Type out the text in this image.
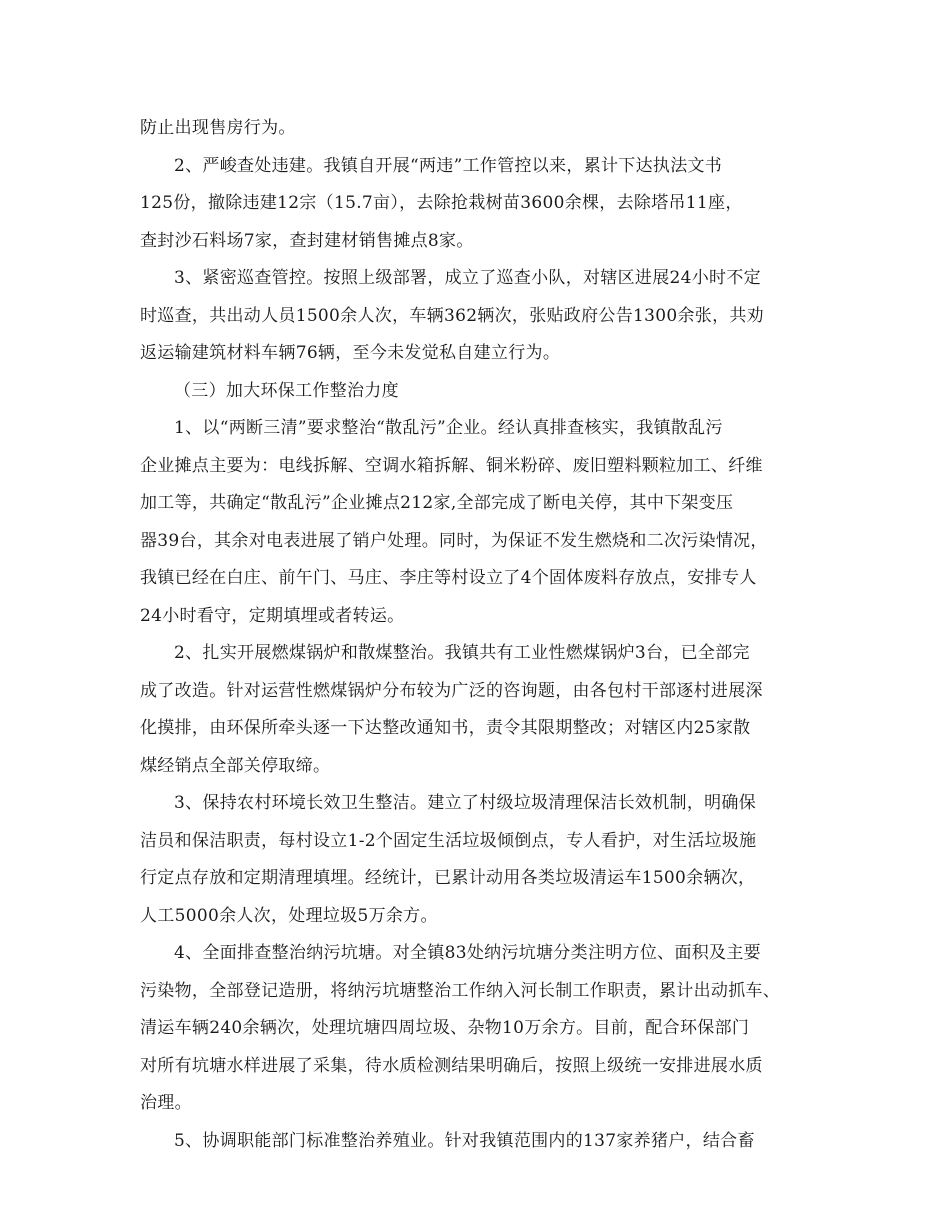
防止出现售房行为。
2、严峻查处违建。我镇自开展“两违”工作管控以来，累计下达执法文书
125份，撤除违建12宗（15.7亩），去除抢栽树苗3600余棵，去除塔吊11座，
查封沙石料场7家，查封建材销售摊点8家。
3、紧密巡查管控。按照上级部署，成立了巡查小队，对辖区进展24小时不定
时巡查，共出动人员1500余人次，车辆362辆次，张贴政府公告1300余张，共劝
返运输建筑材料车辆76辆，至今未发觉私自建立行为。
（三）加大环保工作整治力度
1、以“两断三清”要求整治“散乱污”企业。经认真排查核实，我镇散乱污
企业摊点主要为：电线拆解、空调水箱拆解、铜米粉碎、废旧塑料颗粒加工、纤维
加工等，共确定“散乱污”企业摊点212家,全部完成了断电关停，其中下架变压
器39台，其余对电表进展了销户处理。同时，为保证不发生燃烧和二次污染情况，
我镇已经在白庄、前午门、马庄、李庄等村设立了4个固体废料存放点，安排专人
24小时看守，定期填埋或者转运。
2、扎实开展燃煤锅炉和散煤整治。我镇共有工业性燃煤锅炉3台，已全部完
成了改造。针对运营性燃煤锅炉分布较为广泛的咨询题，由各包村干部逐村进展深
化摸排，由环保所牵头逐一下达整改通知书，责令其限期整改；对辖区内25家散
煤经销点全部关停取缔。
3、保持农村环境长效卫生整洁。建立了村级垃圾清理保洁长效机制，明确保
洁员和保洁职责，每村设立1-2个固定生活垃圾倾倒点，专人看护，对生活垃圾施
行定点存放和定期清理填埋。经统计，已累计动用各类垃圾清运车1500余辆次，
人工5000余人次，处理垃圾5万余方。
4、全面排查整治纳污坑塘。对全镇83处纳污坑塘分类注明方位、面积及主要
污染物，全部登记造册，将纳污坑塘整治工作纳入河长制工作职责，累计出动抓车、
清运车辆240余辆次，处理坑塘四周垃圾、杂物10万余方。目前，配合环保部门
对所有坑塘水样进展了采集，待水质检测结果明确后，按照上级统一安排进展水质
治理。
5、协调职能部门标准整治养殖业。针对我镇范围内的137家养猪户，结合畜
